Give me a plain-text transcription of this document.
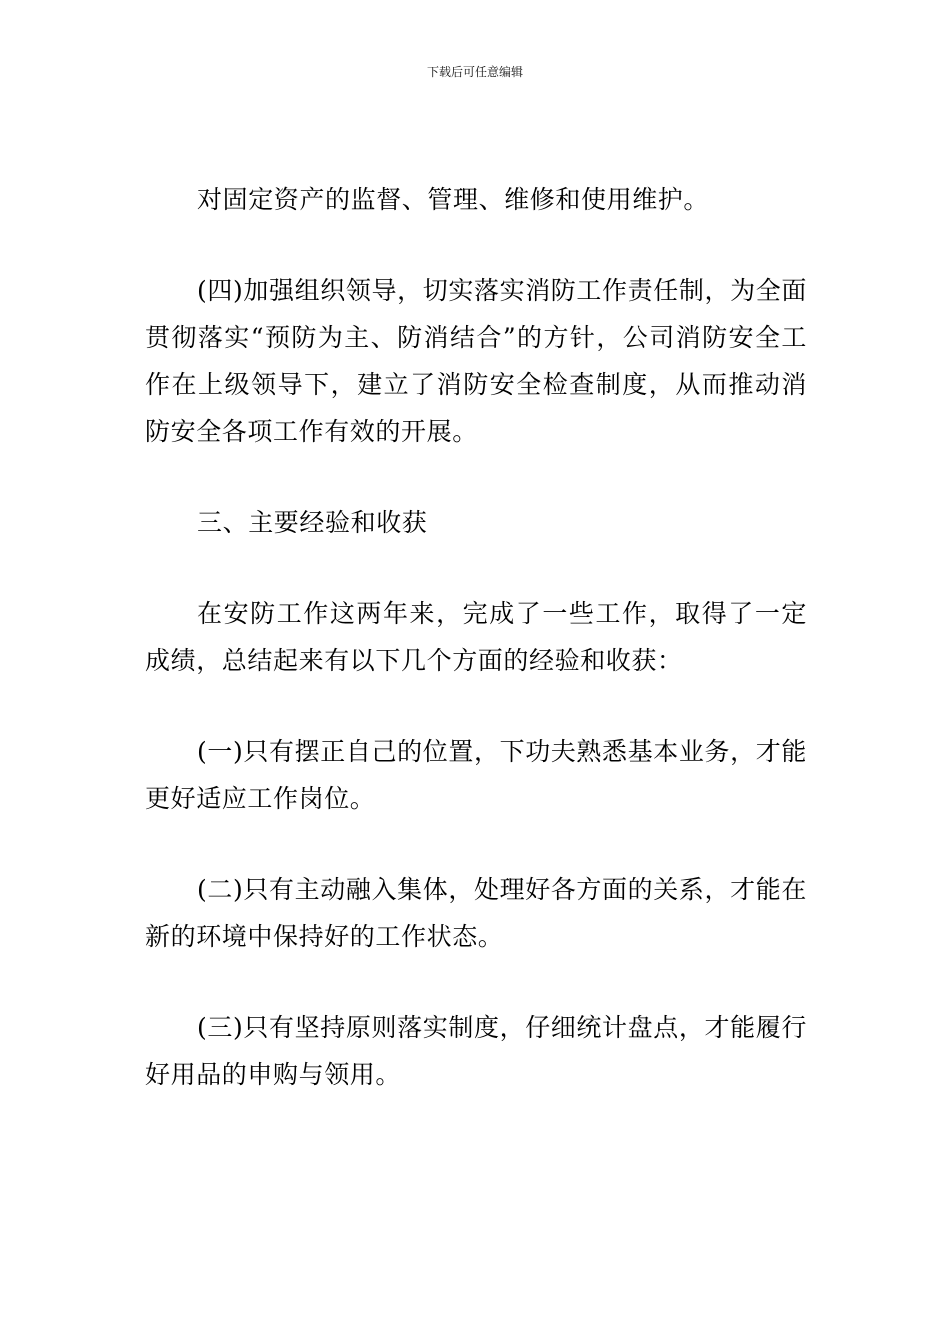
下载后可任意编辑

对固定资产的监督、管理、维修和使用维护。

(四)加强组织领导，切实落实消防工作责任制，为全面贯彻落实“预防为主、防消结合”的方针，公司消防安全工作在上级领导下，建立了消防安全检查制度，从而推动消防安全各项工作有效的开展。

三、主要经验和收获

在安防工作这两年来，完成了一些工作，取得了一定成绩，总结起来有以下几个方面的经验和收获：

(一)只有摆正自己的位置，下功夫熟悉基本业务，才能更好适应工作岗位。

(二)只有主动融入集体，处理好各方面的关系，才能在新的环境中保持好的工作状态。

(三)只有坚持原则落实制度，仔细统计盘点，才能履行好用品的申购与领用。
